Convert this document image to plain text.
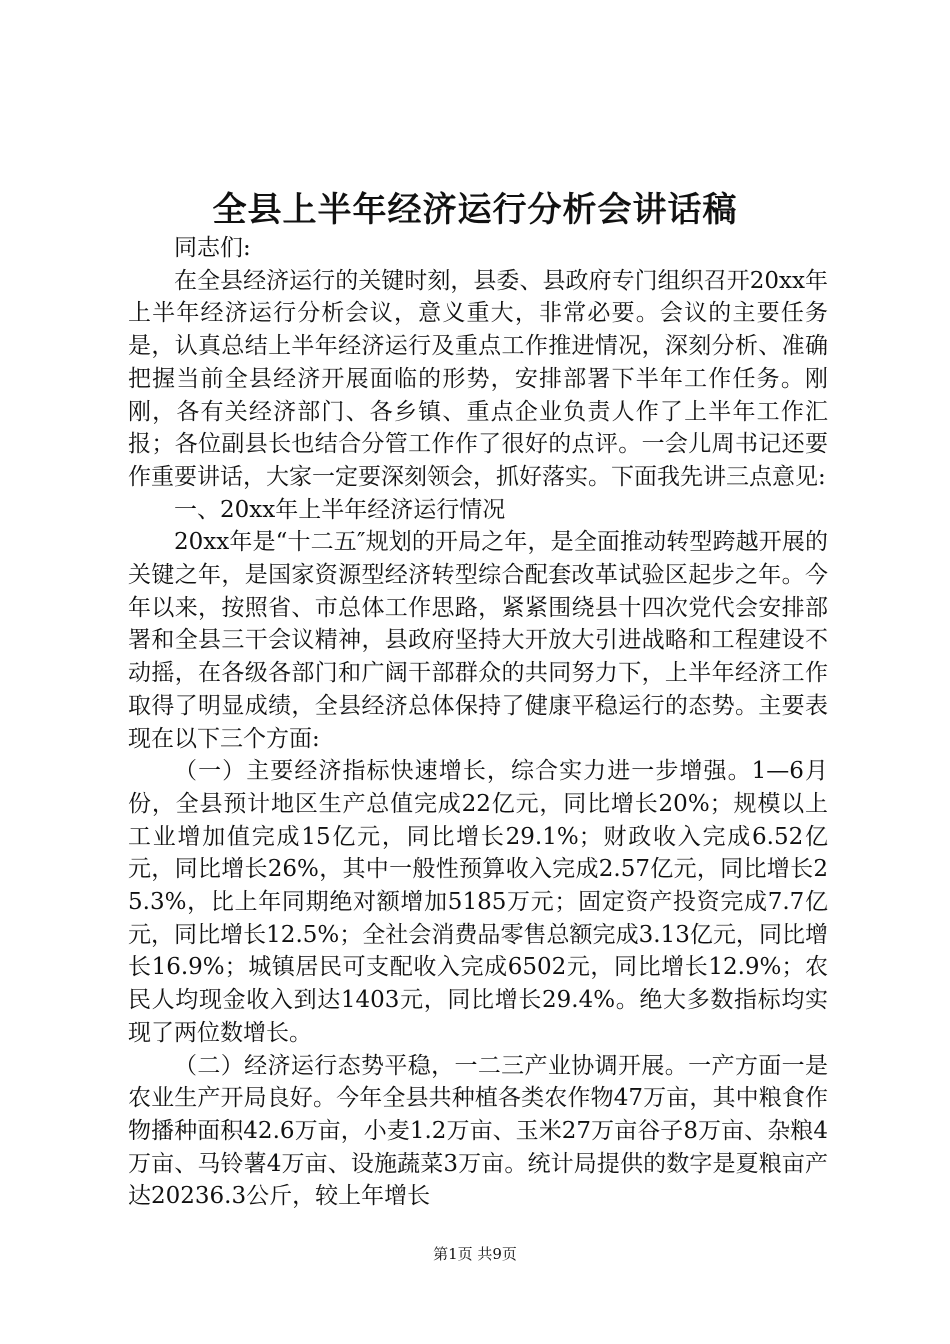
全县上半年经济运行分析会讲话稿

同志们:

在全县经济运行的关键时刻，县委、县政府专门组织召开20xx年上半年经济运行分析会议，意义重大，非常必要。会议的主要任务是，认真总结上半年经济运行及重点工作推进情况，深刻分析、准确把握当前全县经济开展面临的形势，安排部署下半年工作任务。刚刚，各有关经济部门、各乡镇、重点企业负责人作了上半年工作汇报；各位副县长也结合分管工作作了很好的点评。一会儿周书记还要作重要讲话，大家一定要深刻领会，抓好落实。下面我先讲三点意见:

一、20xx年上半年经济运行情况

20xx年是“十二五″规划的开局之年，是全面推动转型跨越开展的关键之年，是国家资源型经济转型综合配套改革试验区起步之年。今年以来，按照省、市总体工作思路，紧紧围绕县十四次党代会安排部署和全县三干会议精神，县政府坚持大开放大引进战略和工程建设不动摇，在各级各部门和广阔干部群众的共同努力下，上半年经济工作取得了明显成绩，全县经济总体保持了健康平稳运行的态势。主要表现在以下三个方面:

（一）主要经济指标快速增长，综合实力进一步增强。1—6月份，全县预计地区生产总值完成22亿元，同比增长20%；规模以上工业增加值完成15亿元，同比增长29.1%；财政收入完成6.52亿元，同比增长26%，其中一般性预算收入完成2.57亿元，同比增长25.3%，比上年同期绝对额增加5185万元；固定资产投资完成7.7亿元，同比增长12.5%；全社会消费品零售总额完成3.13亿元，同比增长16.9%；城镇居民可支配收入完成6502元，同比增长12.9%；农民人均现金收入到达1403元，同比增长29.4%。绝大多数指标均实现了两位数增长。

（二）经济运行态势平稳，一二三产业协调开展。一产方面一是农业生产开局良好。今年全县共种植各类农作物47万亩，其中粮食作物播种面积42.6万亩，小麦1.2万亩、玉米27万亩谷子8万亩、杂粮4万亩、马铃薯4万亩、设施蔬菜3万亩。统计局提供的数字是夏粮亩产达20236.3公斤，较上年增长

第1页 共9页
